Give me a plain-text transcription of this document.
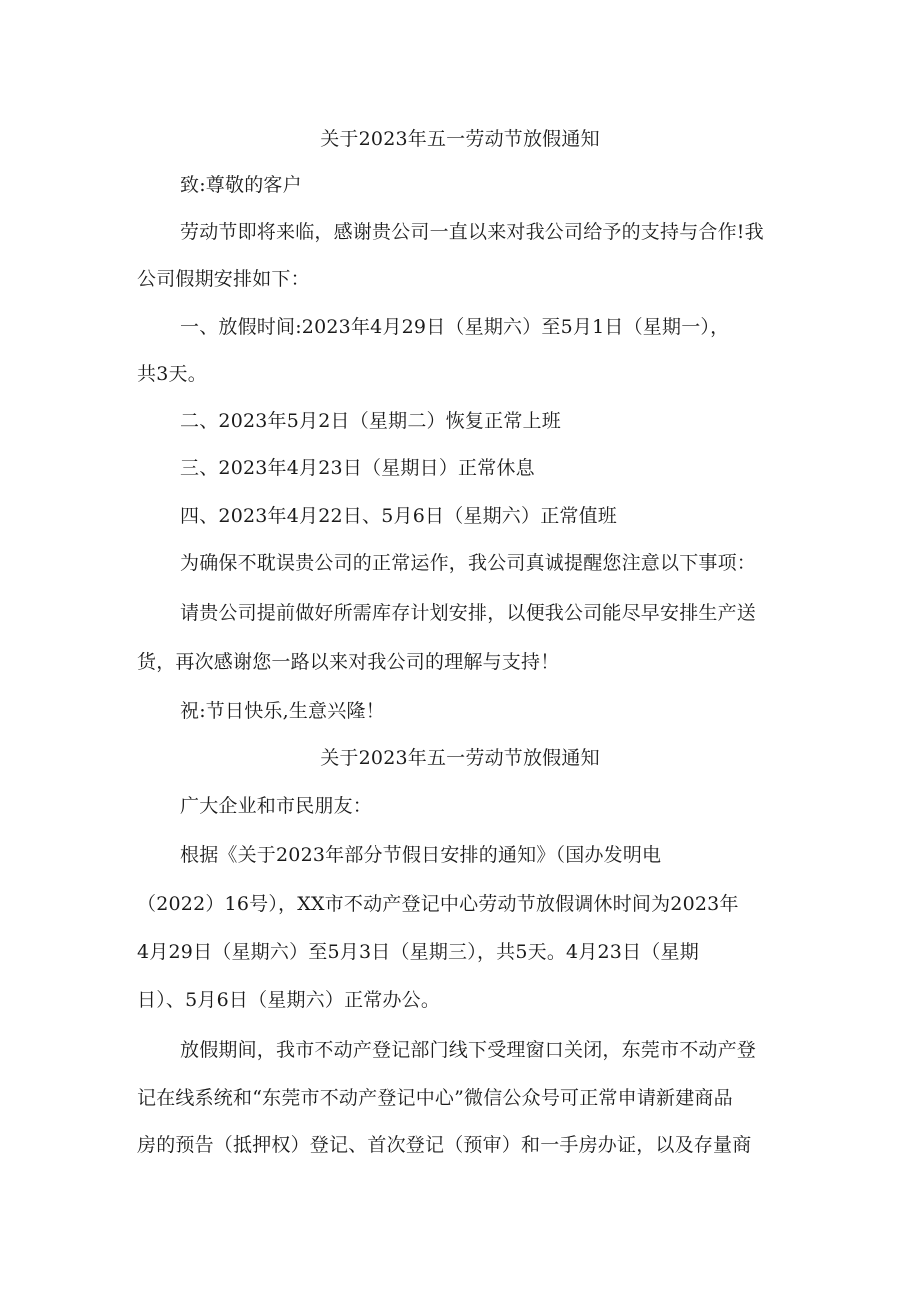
关于2023年五一劳动节放假通知
致:尊敬的客户
劳动节即将来临，感谢贵公司一直以来对我公司给予的支持与合作!我
公司假期安排如下：
一、放假时间:2023年4月29日（星期六）至5月1日（星期一），
共3天。
二、2023年5月2日（星期二）恢复正常上班
三、2023年4月23日（星期日）正常休息
四、2023年4月22日、5月6日（星期六）正常值班
为确保不耽误贵公司的正常运作，我公司真诚提醒您注意以下事项：
请贵公司提前做好所需库存计划安排，以便我公司能尽早安排生产送
货，再次感谢您一路以来对我公司的理解与支持！
祝:节日快乐,生意兴隆！
关于2023年五一劳动节放假通知
广大企业和市民朋友：
根据《关于2023年部分节假日安排的通知》（国办发明电
（2022）16号），XX市不动产登记中心劳动节放假调休时间为2023年
4月29日（星期六）至5月3日（星期三），共5天。4月23日（星期
日）、5月6日（星期六）正常办公。
放假期间，我市不动产登记部门线下受理窗口关闭，东莞市不动产登
记在线系统和“东莞市不动产登记中心”微信公众号可正常申请新建商品
房的预告（抵押权）登记、首次登记（预审）和一手房办证，以及存量商
